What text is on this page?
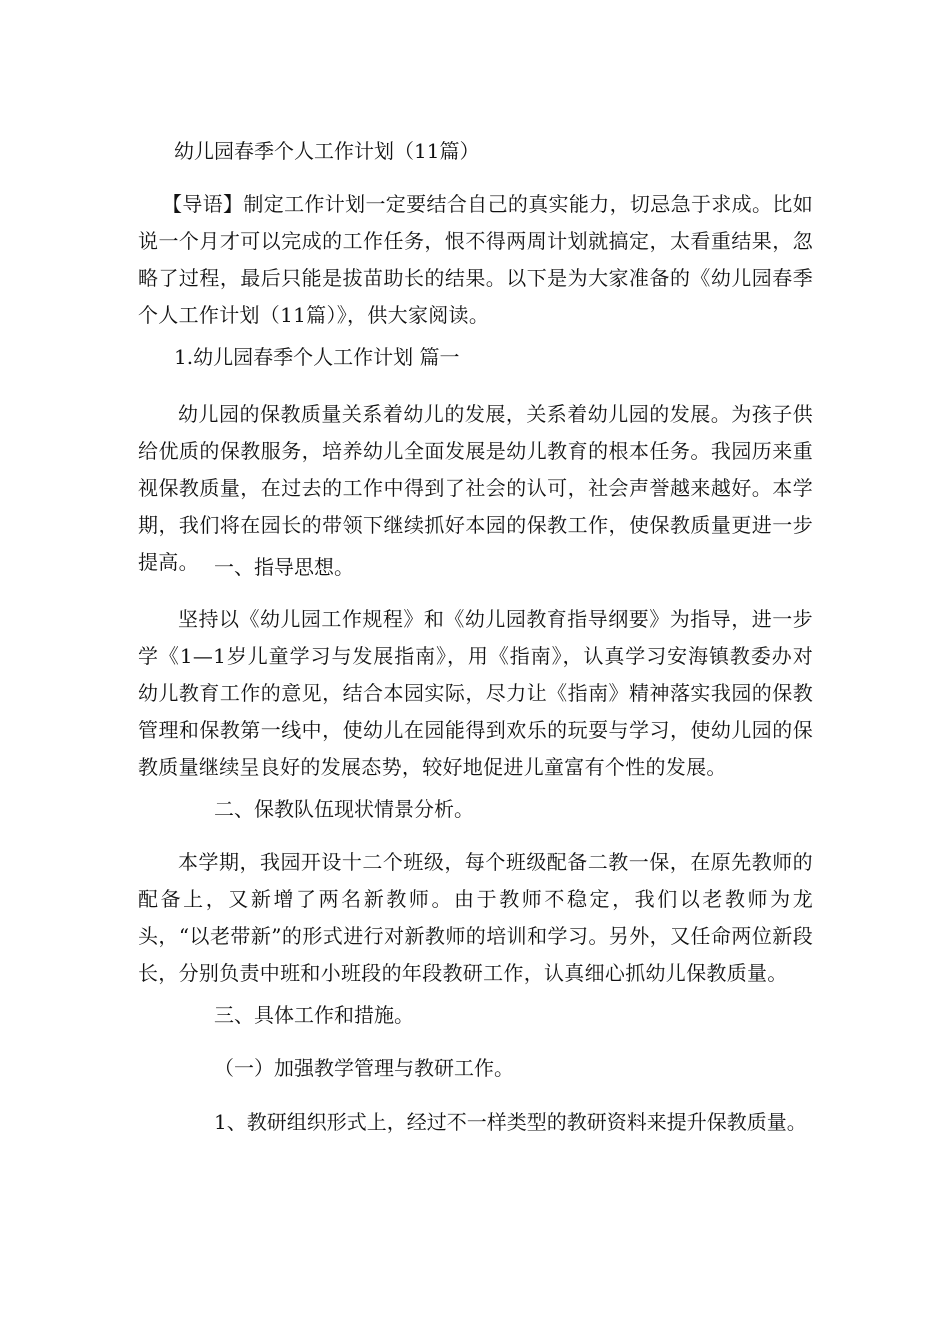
幼儿园春季个人工作计划（11篇）

【导语】制定工作计划一定要结合自己的真实能力，切忌急于求成。比如说一个月才可以完成的工作任务，恨不得两周计划就搞定，太看重结果，忽略了过程，最后只能是拔苗助长的结果。以下是为大家准备的《幼儿园春季个人工作计划（11篇）》，供大家阅读。

1.幼儿园春季个人工作计划 篇一

幼儿园的保教质量关系着幼儿的发展，关系着幼儿园的发展。为孩子供给优质的保教服务，培养幼儿全面发展是幼儿教育的根本任务。我园历来重视保教质量，在过去的工作中得到了社会的认可，社会声誉越来越好。本学期，我们将在园长的带领下继续抓好本园的保教工作，使保教质量更进一步提高。 一、指导思想。

坚持以《幼儿园工作规程》和《幼儿园教育指导纲要》为指导，进一步学《1—1岁儿童学习与发展指南》，用《指南》，认真学习安海镇教委办对幼儿教育工作的意见，结合本园实际，尽力让《指南》精神落实我园的保教管理和保教第一线中，使幼儿在园能得到欢乐的玩耍与学习，使幼儿园的保教质量继续呈良好的发展态势，较好地促进儿童富有个性的发展。

二、保教队伍现状情景分析。

本学期，我园开设十二个班级，每个班级配备二教一保，在原先教师的配备上，又新增了两名新教师。由于教师不稳定，我们以老教师为龙头，“以老带新”的形式进行对新教师的培训和学习。另外，又任命两位新段长，分别负责中班和小班段的年段教研工作，认真细心抓幼儿保教质量。

三、具体工作和措施。

（一）加强教学管理与教研工作。

1、教研组织形式上，经过不一样类型的教研资料来提升保教质量。
